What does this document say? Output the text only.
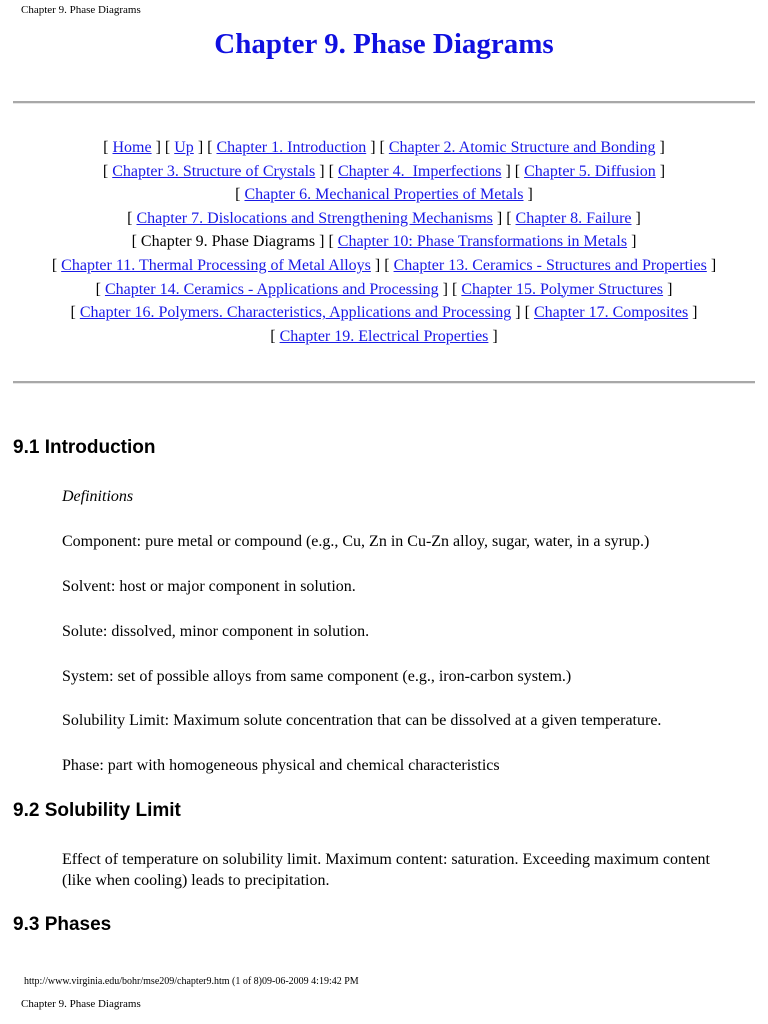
Chapter 9. Phase Diagrams
Chapter 9. Phase Diagrams
[ Home ] [ Up ] [ Chapter 1. Introduction ] [ Chapter 2. Atomic Structure and Bonding ]
[ Chapter 3. Structure of Crystals ] [ Chapter 4.  Imperfections ] [ Chapter 5. Diffusion ]
[ Chapter 6. Mechanical Properties of Metals ]
[ Chapter 7. Dislocations and Strengthening Mechanisms ] [ Chapter 8. Failure ]
[ Chapter 9. Phase Diagrams ] [ Chapter 10: Phase Transformations in Metals ]
[ Chapter 11. Thermal Processing of Metal Alloys ] [ Chapter 13. Ceramics - Structures and Properties ]
[ Chapter 14. Ceramics - Applications and Processing ] [ Chapter 15. Polymer Structures ]
[ Chapter 16. Polymers. Characteristics, Applications and Processing ] [ Chapter 17. Composites ]
[ Chapter 19. Electrical Properties ]
9.1 Introduction

Definitions

Component: pure metal or compound (e.g., Cu, Zn in Cu-Zn alloy, sugar, water, in a syrup.)

Solvent: host or major component in solution.

Solute: dissolved, minor component in solution.

System: set of possible alloys from same component (e.g., iron-carbon system.)

Solubility Limit: Maximum solute concentration that can be dissolved at a given temperature.

Phase: part with homogeneous physical and chemical characteristics

9.2 Solubility Limit

Effect of temperature on solubility limit. Maximum content: saturation. Exceeding maximum content (like when cooling) leads to precipitation.

9.3 Phases
http://www.virginia.edu/bohr/mse209/chapter9.htm (1 of 8)09-06-2009 4:19:42 PM
Chapter 9. Phase Diagrams
